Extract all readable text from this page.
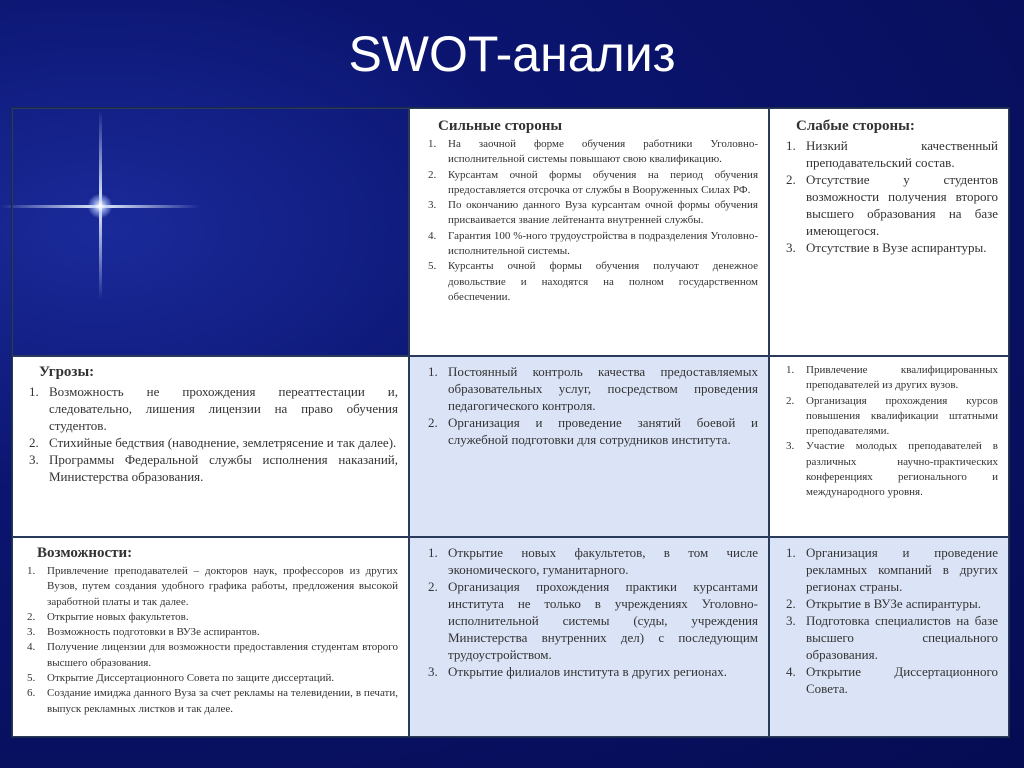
SWOT-анализ
Сильные стороны
1.	На заочной форме обучения работники Уголовно-исполнительной системы повышают свою квалификацию.
2.	Курсантам очной формы обучения на период обучения предоставляется отсрочка от службы в Вооруженных Силах РФ.
3.	По окончанию данного Вуза курсантам очной формы обучения присваивается звание лейтенанта внутренней службы.
4.	Гарантия 100 %-ного трудоустройства в подразделения Уголовно-исполнительной системы.
5.	Курсанты очной формы обучения получают денежное довольствие и находятся на полном государственном обеспечении.
Слабые стороны:
1. Низкий качественный преподавательский состав.
2. Отсутствие у студентов возможности получения второго высшего образования на базе имеющегося.
3. Отсутствие в Вузе аспирантуры.
Угрозы:
1. Возможность не прохождения переаттестации и, следовательно, лишения лицензии на право обучения студентов.
2. Стихийные бедствия (наводнение, землетрясение и так далее).
3. Программы Федеральной службы исполнения наказаний, Министерства образования.
1. Постоянный контроль качества предоставляемых образовательных услуг, посредством проведения педагогического контроля.
2. Организация и проведение занятий боевой и служебной подготовки для сотрудников института.
1.	Привлечение квалифицированных преподавателей из других вузов.
2.	Организация прохождения курсов повышения квалификации штатными преподавателями.
3.	Участие молодых преподавателей в различных научно-практических конференциях регионального и международного уровня.
Возможности:
1.	Привлечение преподавателей – докторов наук, профессоров из других Вузов, путем создания удобного графика работы, предложения высокой заработной платы и так далее.
2.	Открытие новых факультетов.
3.	Возможность подготовки в ВУЗе аспирантов.
4.	Получение лицензии для возможности предоставления студентам второго высшего образования.
5.	Открытие Диссертационного Совета по защите диссертаций.
6.	Создание имиджа данного Вуза за счет рекламы на телевидении, в печати, выпуск рекламных листков и так далее.
1. Открытие новых факультетов, в том числе экономического, гуманитарного.
2. Организация прохождения практики курсантами института не только в учреждениях Уголовно-исполнительной системы (суды, учреждения Министерства внутренних дел) с последующим трудоустройством.
3. Открытие филиалов института в других регионах.
1. Организация и проведение рекламных компаний в других регионах страны.
2. Открытие в ВУЗе аспирантуры.
3. Подготовка специалистов на базе высшего специального образования.
4. Открытие Диссертационного Совета.
